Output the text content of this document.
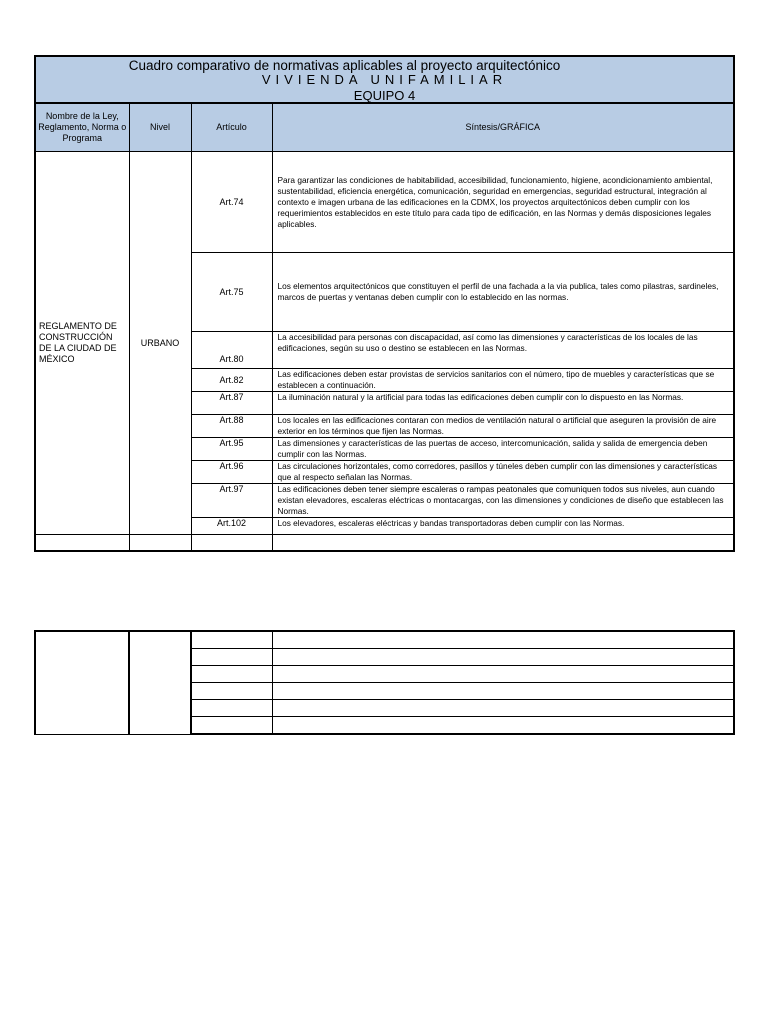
Cuadro comparativo de normativas aplicables al proyecto arquitectónico
VIVIENDA UNIFAMILIAR
EQUIPO 4
Nombre de la Ley, Reglamento, Norma o Programa	Nivel	Artículo	Síntesis/GRÁFICA
REGLAMENTO DE CONSTRUCCIÓN DE LA CIUDAD DE MÉXICO	URBANO	Art.74	Para garantizar las condiciones de habitabilidad, accesibilidad, funcionamiento, higiene, acondicionamiento ambiental, sustentabilidad, eficiencia energética, comunicación, seguridad en emergencias, seguridad estructural, integración al contexto e imagen urbana de las edificaciones en la CDMX, los proyectos arquitectónicos deben cumplir con los requerimientos establecidos en este título para cada tipo de edificación, en las Normas y demás disposiciones legales aplicables.
		Art.75	Los elementos arquitectónicos que constituyen el perfil de una fachada a la via publica, tales como pilastras, sardineles, marcos de puertas y ventanas deben cumplir con lo establecido en las normas.
		Art.80	La accesibilidad para personas con discapacidad, así como las dimensiones y características de los locales de las edificaciones, según su uso o destino se establecen en las Normas.
		Art.82	Las edificaciones deben estar provistas de servicios sanitarios con el número, tipo de muebles y características que se establecen a continuación.
		Art.87	La iluminación natural y la artificial para todas las edificaciones deben cumplir con lo dispuesto en las Normas.
		Art.88	Los locales en las edificaciones contaran con medios de ventilación natural o artificial que aseguren la provisión de aire exterior en los términos que fijen las Normas.
		Art.95	Las dimensiones y características de las puertas de acceso, intercomunicación, salida y salida de emergencia deben cumplir con las Normas.
		Art.96	Las circulaciones horizontales, como corredores, pasillos y túneles deben cumplir con las dimensiones y características que al respecto señalan las Normas.
		Art.97	Las edificaciones deben tener siempre escaleras o rampas peatonales que comuniquen todos sus niveles, aun cuando existan elevadores, escaleras eléctricas o montacargas, con las dimensiones y condiciones de diseño que establecen las Normas.
		Art.102	Los elevadores, escaleras eléctricas y bandas transportadoras deben cumplir con las Normas.
